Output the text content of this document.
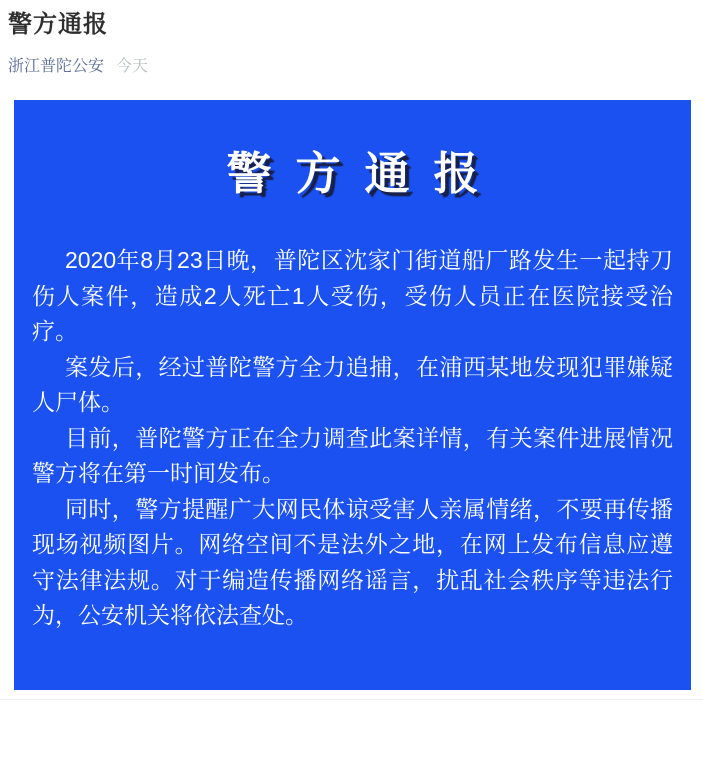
警方通报
浙江普陀公安 今天
警方通报

2020年8月23日晚，普陀区沈家门街道船厂路发生一起持刀伤人案件，造成2人死亡1人受伤，受伤人员正在医院接受治疗。

案发后，经过普陀警方全力追捕，在浦西某地发现犯罪嫌疑人尸体。

目前，普陀警方正在全力调查此案详情，有关案件进展情况警方将在第一时间发布。

同时，警方提醒广大网民体谅受害人亲属情绪，不要再传播现场视频图片。网络空间不是法外之地，在网上发布信息应遵守法律法规。对于编造传播网络谣言，扰乱社会秩序等违法行为，公安机关将依法查处。

舟山市公安局普陀区分局
2020年8月23日
